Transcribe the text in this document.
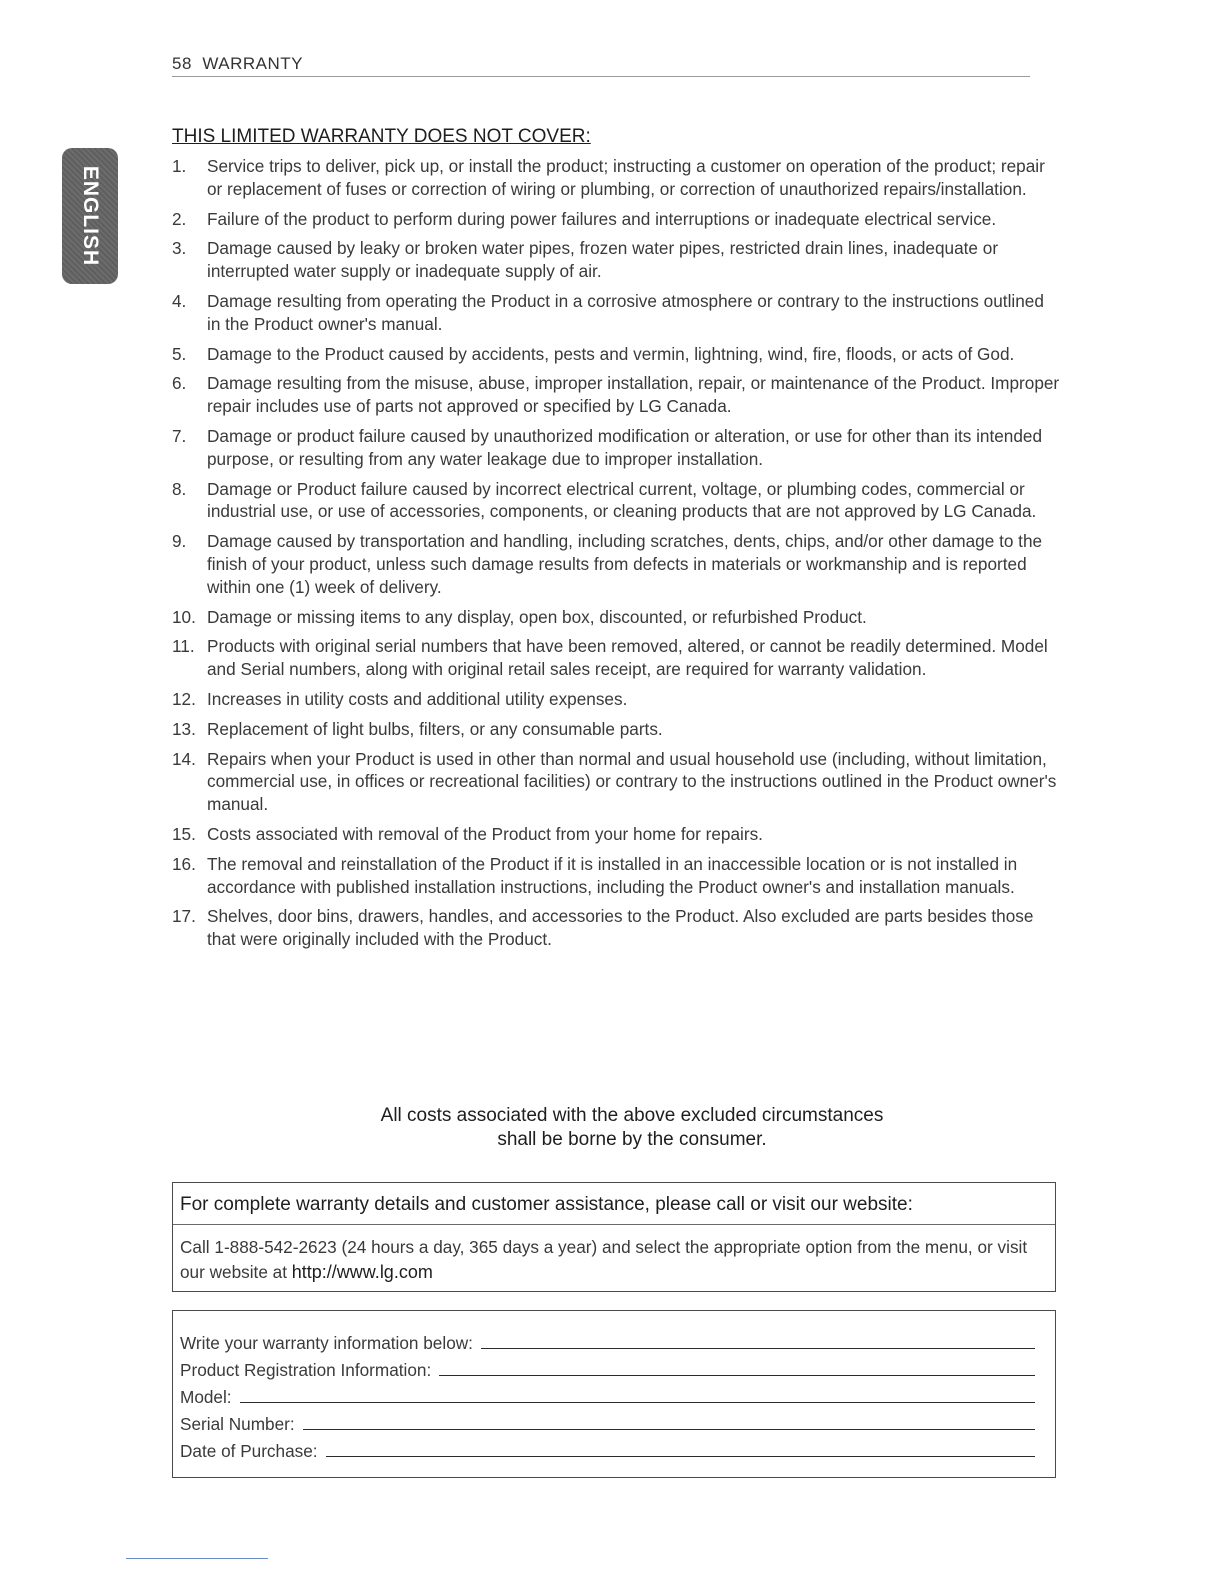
58 WARRANTY
ENGLISH
THIS LIMITED WARRANTY DOES NOT COVER:
1. Service trips to deliver, pick up, or install the product; instructing a customer on operation of the product; repair or replacement of fuses or correction of wiring or plumbing, or correction of unauthorized repairs/installation.
2. Failure of the product to perform during power failures and interruptions or inadequate electrical service.
3. Damage caused by leaky or broken water pipes, frozen water pipes, restricted drain lines, inadequate or interrupted water supply or inadequate supply of air.
4. Damage resulting from operating the Product in a corrosive atmosphere or contrary to the instructions outlined in the Product owner's manual.
5. Damage to the Product caused by accidents, pests and vermin, lightning, wind, fire, floods, or acts of God.
6. Damage resulting from the misuse, abuse, improper installation, repair, or maintenance of the Product. Improper repair includes use of parts not approved or specified by LG Canada.
7. Damage or product failure caused by unauthorized modification or alteration, or use for other than its intended purpose, or resulting from any water leakage due to improper installation.
8. Damage or Product failure caused by incorrect electrical current, voltage, or plumbing codes, commercial or industrial use, or use of accessories, components, or cleaning products that are not approved by LG Canada.
9. Damage caused by transportation and handling, including scratches, dents, chips, and/or other damage to the finish of your product, unless such damage results from defects in materials or workmanship and is reported within one (1) week of delivery.
10. Damage or missing items to any display, open box, discounted, or refurbished Product.
11. Products with original serial numbers that have been removed, altered, or cannot be readily determined. Model and Serial numbers, along with original retail sales receipt, are required for warranty validation.
12. Increases in utility costs and additional utility expenses.
13. Replacement of light bulbs, filters, or any consumable parts.
14. Repairs when your Product is used in other than normal and usual household use (including, without limitation, commercial use, in offices or recreational facilities) or contrary to the instructions outlined in the Product owner's manual.
15. Costs associated with removal of the Product from your home for repairs.
16. The removal and reinstallation of the Product if it is installed in an inaccessible location or is not installed in accordance with published installation instructions, including the Product owner's and installation manuals.
17. Shelves, door bins, drawers, handles, and accessories to the Product. Also excluded are parts besides those that were originally included with the Product.
All costs associated with the above excluded circumstances
shall be borne by the consumer.
For complete warranty details and customer assistance, please call or visit our website:
Call 1-888-542-2623 (24 hours a day, 365 days a year) and select the appropriate option from the menu, or visit our website at http://www.lg.com
Write your warranty information below:
Product Registration Information:
Model:
Serial Number:
Date of Purchase:
